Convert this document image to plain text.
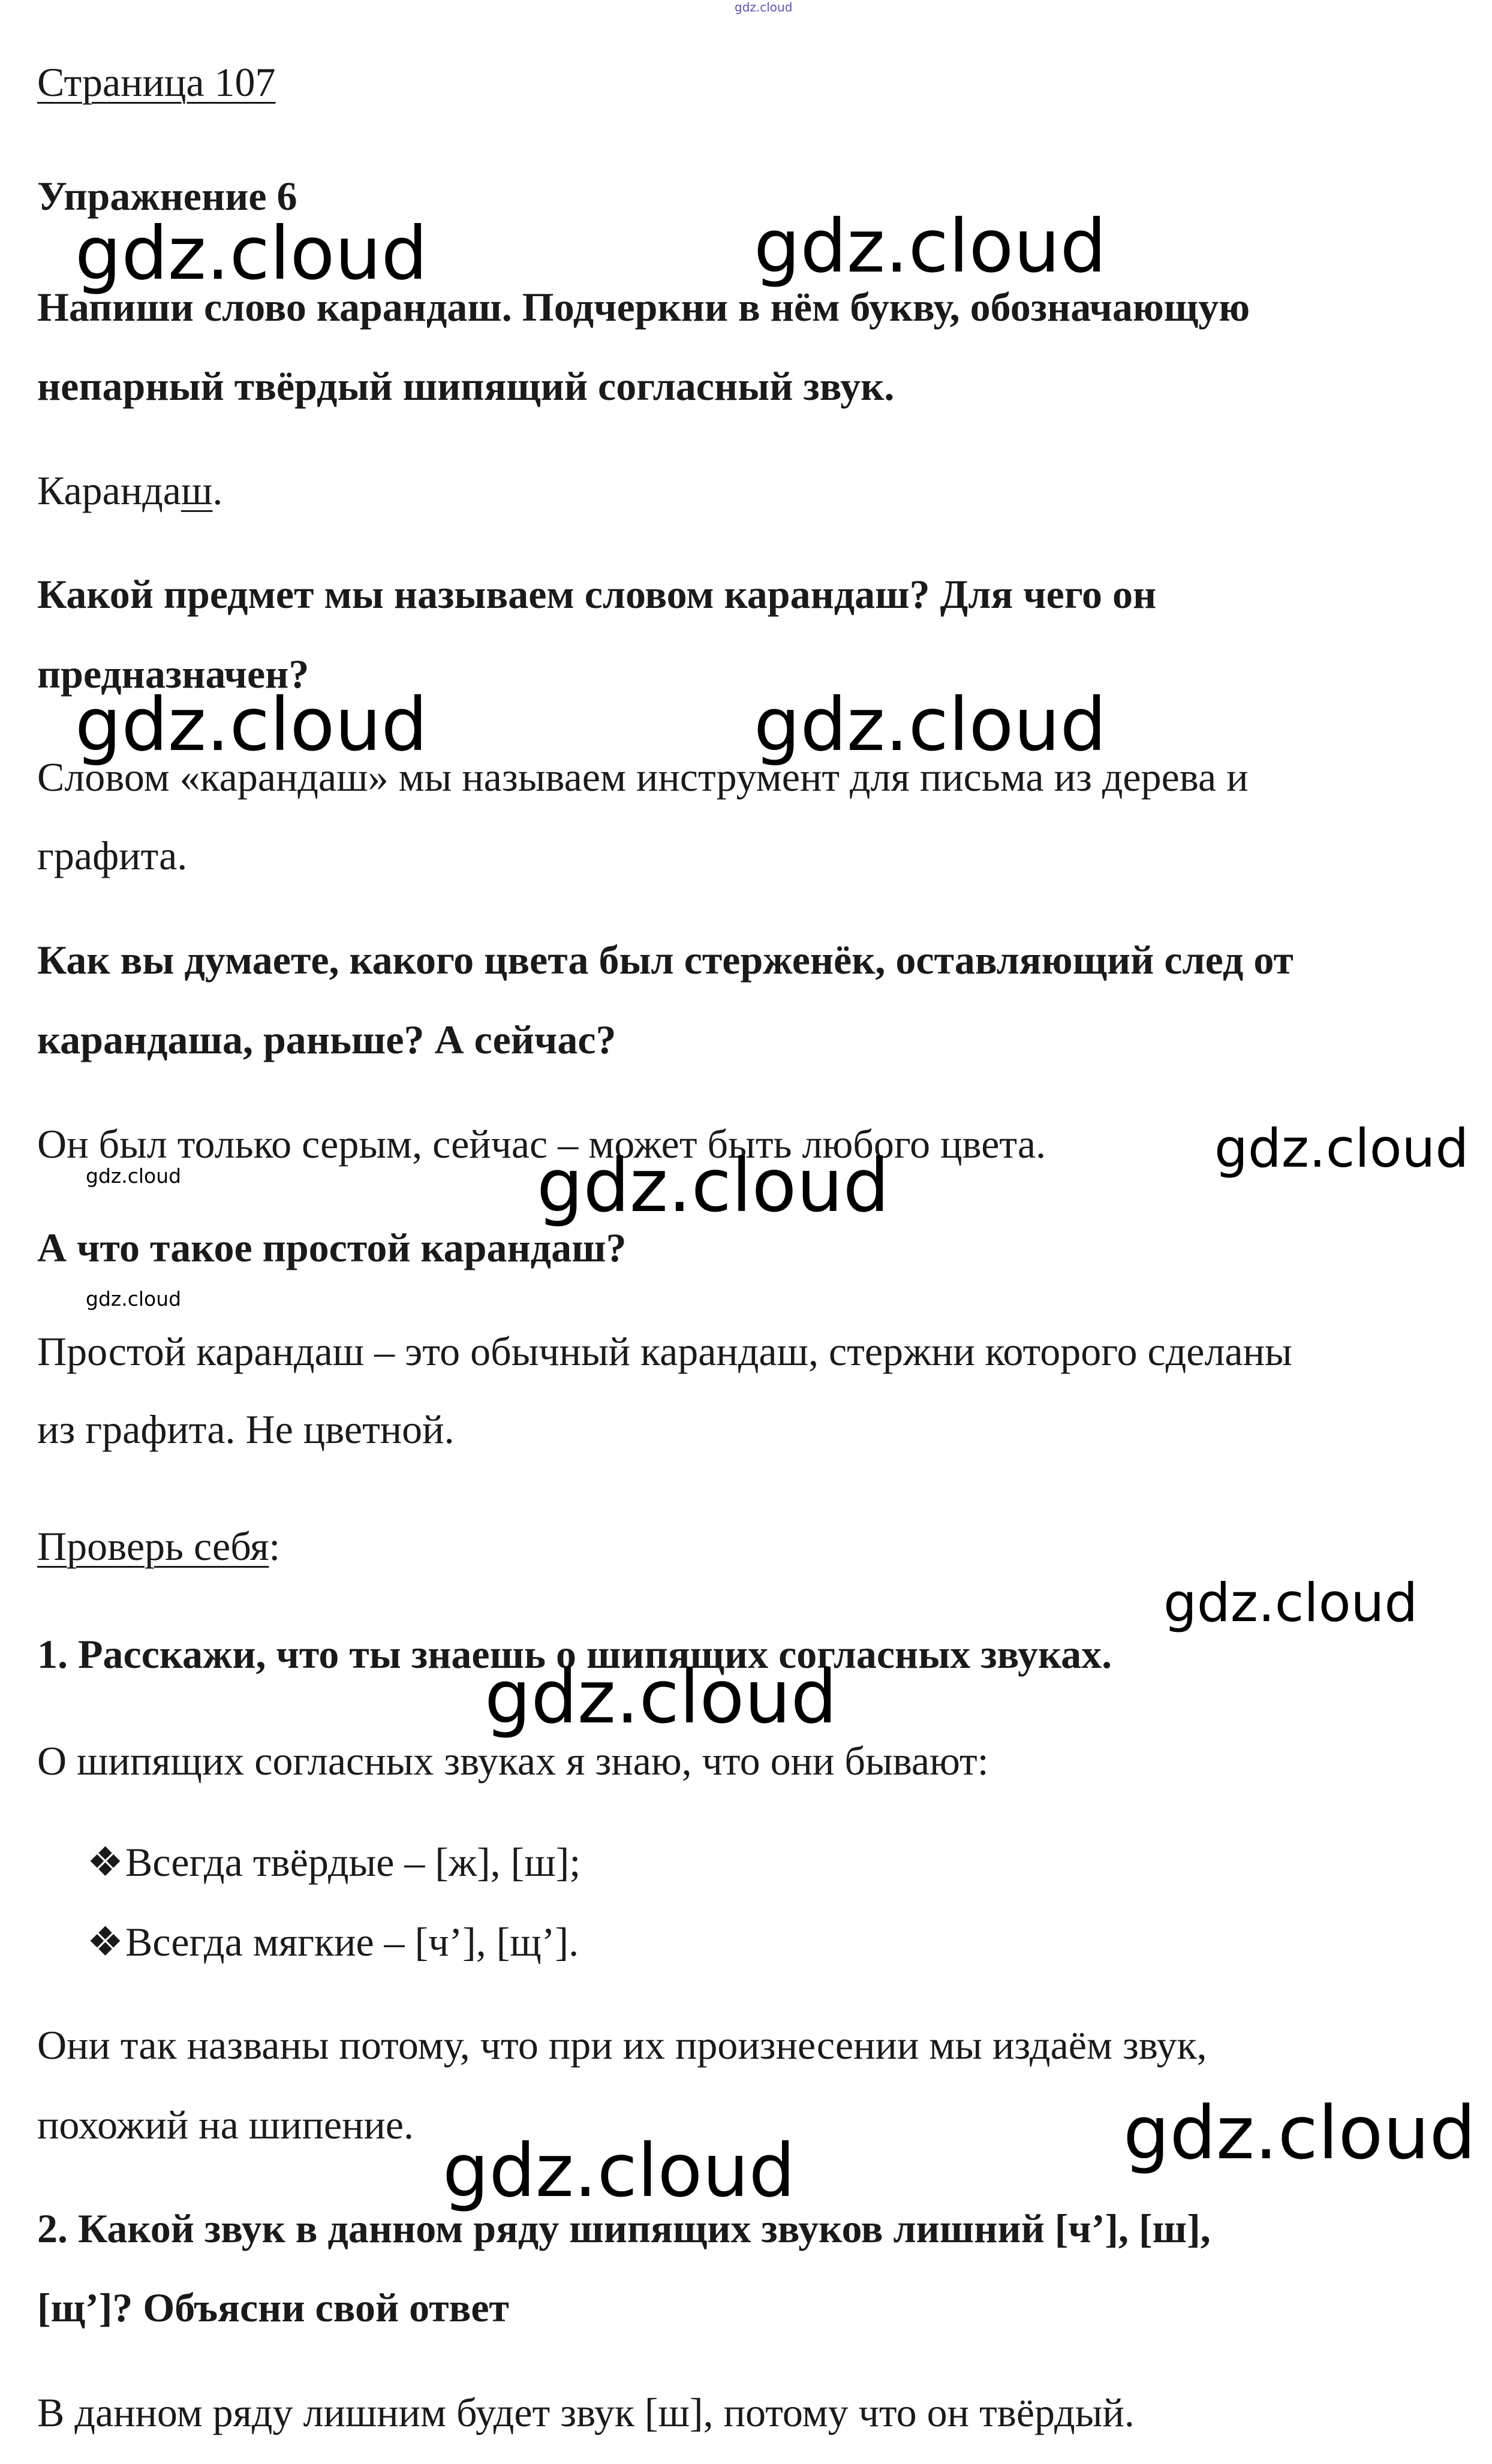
gdz.cloud
Страница 107
Упражнение 6
gdz.cloud	gdz.cloud
Напиши слово карандаш. Подчеркни в нём букву, обозначающую
непарный твёрдый шипящий согласный звук.
Карандаш.
Какой предмет мы называем словом карандаш? Для чего он
предназначен?
gdz.cloud	gdz.cloud
Словом «карандаш» мы называем инструмент для письма из дерева и
графита.
Как вы думаете, какого цвета был стерженёк, оставляющий след от
карандаша, раньше? А сейчас?
Он был только серым, сейчас – может быть любого цвета.	gdz.cloud
gdz.cloud	gdz.cloud
А что такое простой карандаш?
gdz.cloud
Простой карандаш – это обычный карандаш, стержни которого сделаны
из графита. Не цветной.
Проверь себя:
gdz.cloud
1. Расскажи, что ты знаешь о шипящих согласных звуках.
gdz.cloud
О шипящих согласных звуках я знаю, что они бывают:
❖Всегда твёрдые – [ж], [ш];
❖Всегда мягкие – [ч’], [щ’].
Они так названы потому, что при их произнесении мы издаём звук,
похожий на шипение.	gdz.cloud
gdz.cloud
2. Какой звук в данном ряду шипящих звуков лишний [ч’], [ш],
[щ’]? Объясни свой ответ
В данном ряду лишним будет звук [ш], потому что он твёрдый.
